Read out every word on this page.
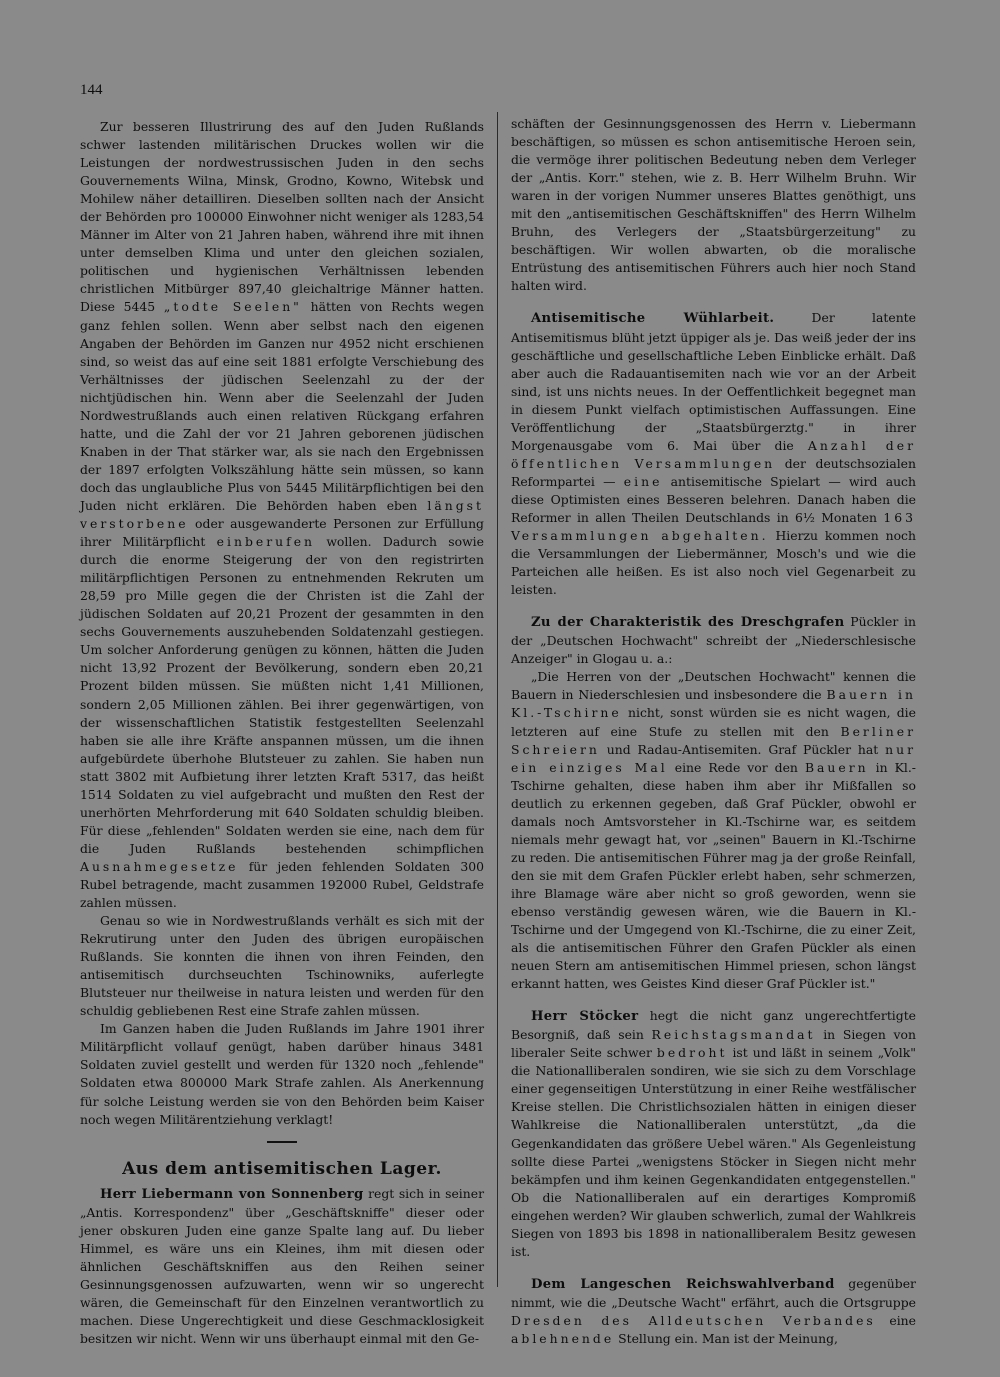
144

Zur besseren Illustrirung des auf den Juden Rußlands schwer lastenden militärischen Druckes wollen wir die Leistungen der nordwestrussischen Juden in den sechs Gouvernements Wilna, Minsk, Grodno, Kowno, Witebsk und Mohilew näher detailliren. Dieselben sollten nach der Ansicht der Behörden pro 100000 Einwohner nicht weniger als 1283,54 Männer im Alter von 21 Jahren haben, während ihre mit ihnen unter demselben Klima und unter den gleichen sozialen, politischen und hygienischen Verhältnissen lebenden christlichen Mitbürger 897,40 gleichaltrige Männer hatten. Diese 5445 „todte Seelen" hätten von Rechts wegen ganz fehlen sollen. Wenn aber selbst nach den eigenen Angaben der Behörden im Ganzen nur 4952 nicht erschienen sind, so weist das auf eine seit 1881 erfolgte Verschiebung des Verhältnisses der jüdischen Seelenzahl zu der der nichtjüdischen hin. Wenn aber die Seelenzahl der Juden Nordwestrußlands auch einen relativen Rückgang erfahren hatte, und die Zahl der vor 21 Jahren geborenen jüdischen Knaben in der That stärker war, als sie nach den Ergebnissen der 1897 erfolgten Volkszählung hätte sein müssen, so kann doch das unglaubliche Plus von 5445 Militärpflichtigen bei den Juden nicht erklären. Die Behörden haben eben längst verstorbene oder ausgewanderte Personen zur Erfüllung ihrer Militärpflicht einberufen wollen. Dadurch sowie durch die enorme Steigerung der von den registrirten militärpflichtigen Personen zu entnehmenden Rekruten um 28,59 pro Mille gegen die der Christen ist die Zahl der jüdischen Soldaten auf 20,21 Prozent der gesammten in den sechs Gouvernements auszuhebenden Soldatenzahl gestiegen. Um solcher Anforderung genügen zu können, hätten die Juden nicht 13,92 Prozent der Bevölkerung, sondern eben 20,21 Prozent bilden müssen. Sie müßten nicht 1,41 Millionen, sondern 2,05 Millionen zählen. Bei ihrer gegenwärtigen, von der wissenschaftlichen Statistik festgestellten Seelenzahl haben sie alle ihre Kräfte anspannen müssen, um die ihnen aufgebürdete überhohe Blutsteuer zu zahlen. Sie haben nun statt 3802 mit Aufbietung ihrer letzten Kraft 5317, das heißt 1514 Soldaten zu viel aufgebracht und mußten den Rest der unerhörten Mehrforderung mit 640 Soldaten schuldig bleiben. Für diese „fehlenden" Soldaten werden sie eine, nach dem für die Juden Rußlands bestehenden schimpflichen Ausnahmegesetze für jeden fehlenden Soldaten 300 Rubel betragende, macht zusammen 192000 Rubel, Geldstrafe zahlen müssen.

Genau so wie in Nordwestrußlands verhält es sich mit der Rekrutirung unter den Juden des übrigen europäischen Rußlands. Sie konnten die ihnen von ihren Feinden, den antisemitisch durchseuchten Tschinowniks, auferlegte Blutsteuer nur theilweise in natura leisten und werden für den schuldig gebliebenen Rest eine Strafe zahlen müssen.

Im Ganzen haben die Juden Rußlands im Jahre 1901 ihrer Militärpflicht vollauf genügt, haben darüber hinaus 3481 Soldaten zuviel gestellt und werden für 1320 noch „fehlende" Soldaten etwa 800000 Mark Strafe zahlen. Als Anerkennung für solche Leistung werden sie von den Behörden beim Kaiser noch wegen Militärentziehung verklagt!

Aus dem antisemitischen Lager.

Herr Liebermann von Sonnenberg regt sich in seiner „Antis. Korrespondenz" über „Geschäftskniffe" dieser oder jener obskuren Juden eine ganze Spalte lang auf. Du lieber Himmel, es wäre uns ein Kleines, ihm mit diesen oder ähnlichen Geschäftskniffen aus den Reihen seiner Gesinnungsgenossen aufzuwarten, wenn wir so ungerecht wären, die Gemeinschaft für den Einzelnen verantwortlich zu machen. Diese Ungerechtigkeit und diese Geschmacklosigkeit besitzen wir nicht. Wenn wir uns überhaupt einmal mit den Ge-

schäften der Gesinnungsgenossen des Herrn v. Liebermann beschäftigen, so müssen es schon antisemitische Heroen sein, die vermöge ihrer politischen Bedeutung neben dem Verleger der „Antis. Korr." stehen, wie z. B. Herr Wilhelm Bruhn. Wir waren in der vorigen Nummer unseres Blattes genöthigt, uns mit den „antisemitischen Geschäftskniffen" des Herrn Wilhelm Bruhn, des Verlegers der „Staatsbürgerzeitung" zu beschäftigen. Wir wollen abwarten, ob die moralische Entrüstung des antisemitischen Führers auch hier noch Stand halten wird.

Antisemitische Wühlarbeit.	Der latente Antisemitismus blüht jetzt üppiger als je. Das weiß jeder der ins geschäftliche und gesellschaftliche Leben Einblicke erhält. Daß aber auch die Radauantisemiten nach wie vor an der Arbeit sind, ist uns nichts neues. In der Oeffentlichkeit begegnet man in diesem Punkt vielfach optimistischen Auffassungen. Eine Veröffentlichung der „Staatsbürgerztg." in ihrer Morgenausgabe vom 6. Mai über die Anzahl der öffentlichen Versammlungen der deutschsozialen Reformpartei — eine antisemitische Spielart — wird auch diese Optimisten eines Besseren belehren. Danach haben die Reformer in allen Theilen Deutschlands in 6½ Monaten 163 Versammlungen abgehalten. Hierzu kommen noch die Versammlungen der Liebermänner, Mosch's und wie die Parteichen alle heißen. Es ist also noch viel Gegenarbeit zu leisten.

Zu der Charakteristik des Dreschgrafen Pückler in der „Deutschen Hochwacht" schreibt der „Niederschlesische Anzeiger" in Glogau u. a.:

„Die Herren von der „Deutschen Hochwacht" kennen die Bauern in Niederschlesien und insbesondere die Bauern in Kl.-Tschirne nicht, sonst würden sie es nicht wagen, die letzteren auf eine Stufe zu stellen mit den Berliner Schreiern und Radau-Antisemiten. Graf Pückler hat nur ein einziges Mal eine Rede vor den Bauern in Kl.-Tschirne gehalten, diese haben ihm aber ihr Mißfallen so deutlich zu erkennen gegeben, daß Graf Pückler, obwohl er damals noch Amtsvorsteher in Kl.-Tschirne war, es seitdem niemals mehr gewagt hat, vor „seinen" Bauern in Kl.-Tschirne zu reden. Die antisemitischen Führer mag ja der große Reinfall, den sie mit dem Grafen Pückler erlebt haben, sehr schmerzen, ihre Blamage wäre aber nicht so groß geworden, wenn sie ebenso verständig gewesen wären, wie die Bauern in Kl.-Tschirne und der Umgegend von Kl.-Tschirne, die zu einer Zeit, als die antisemitischen Führer den Grafen Pückler als einen neuen Stern am antisemitischen Himmel priesen, schon längst erkannt hatten, wes Geistes Kind dieser Graf Pückler ist."

Herr Stöcker hegt die nicht ganz ungerechtfertigte Besorgniß, daß sein Reichstagsmandat in Siegen von liberaler Seite schwer bedroht ist und läßt in seinem „Volk" die Nationalliberalen sondiren, wie sie sich zu dem Vorschlage einer gegenseitigen Unterstützung in einer Reihe westfälischer Kreise stellen. Die Christlichsozialen hätten in einigen dieser Wahlkreise die Nationalliberalen unterstützt, „da die Gegenkandidaten das größere Uebel wären." Als Gegenleistung sollte diese Partei „wenigstens Stöcker in Siegen nicht mehr bekämpfen und ihm keinen Gegenkandidaten entgegenstellen." Ob die Nationalliberalen auf ein derartiges Kompromiß eingehen werden? Wir glauben schwerlich, zumal der Wahlkreis Siegen von 1893 bis 1898 in nationalliberalem Besitz gewesen ist.

Dem Langeschen Reichswahlverband gegenüber nimmt, wie die „Deutsche Wacht" erfährt, auch die Ortsgruppe Dresden des Alldeutschen Verbandes eine ablehnende Stellung ein. Man ist der Meinung,
